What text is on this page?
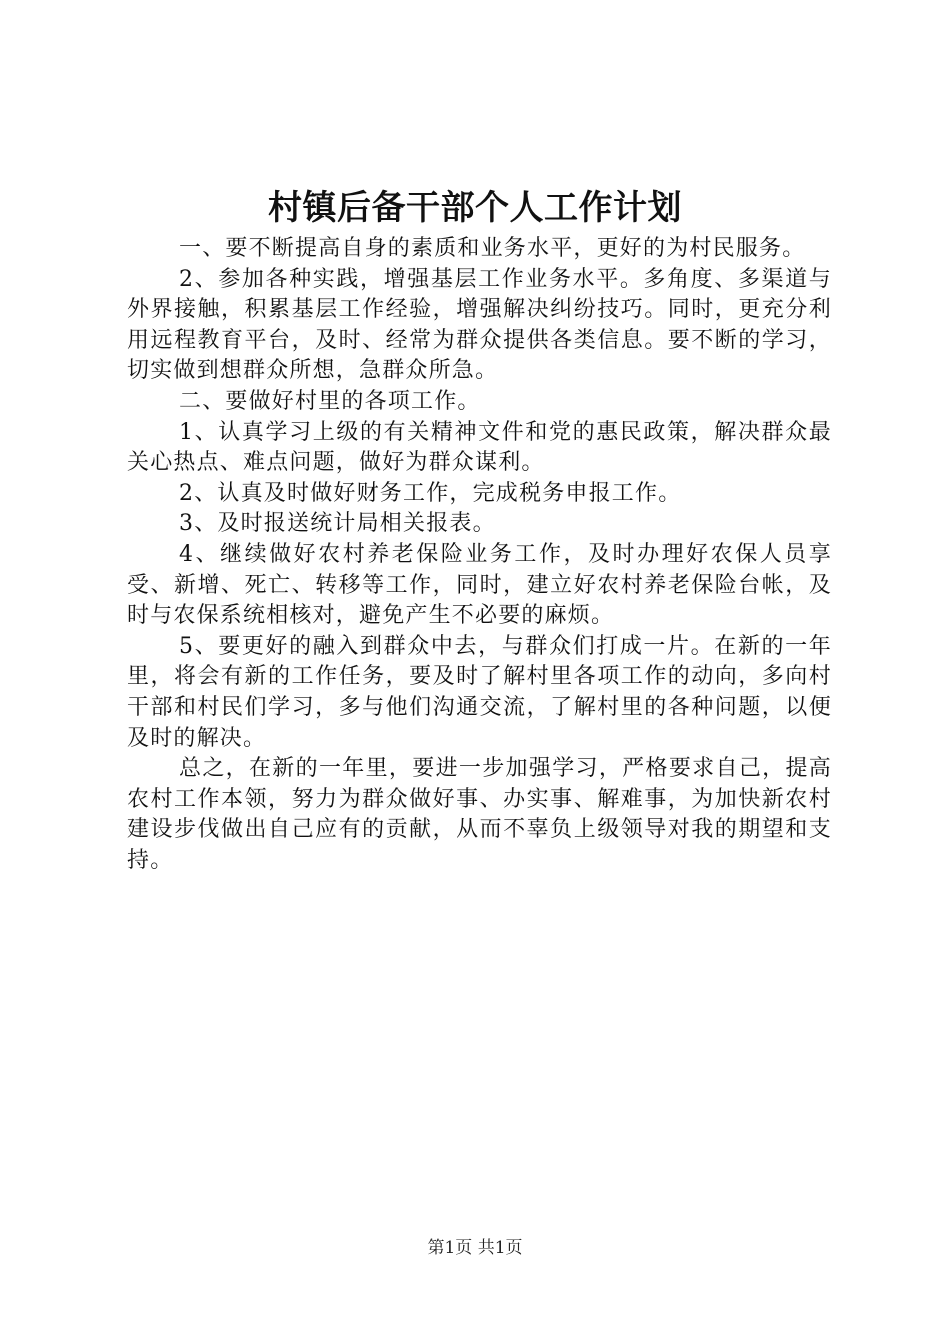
村镇后备干部个人工作计划

一、要不断提高自身的素质和业务水平，更好的为村民服务。

2、参加各种实践，增强基层工作业务水平。多角度、多渠道与外界接触，积累基层工作经验，增强解决纠纷技巧。同时，更充分利用远程教育平台，及时、经常为群众提供各类信息。要不断的学习，切实做到想群众所想，急群众所急。

二、要做好村里的各项工作。

1、认真学习上级的有关精神文件和党的惠民政策，解决群众最关心热点、难点问题，做好为群众谋利。

2、认真及时做好财务工作，完成税务申报工作。

3、及时报送统计局相关报表。

4、继续做好农村养老保险业务工作，及时办理好农保人员享受、新增、死亡、转移等工作，同时，建立好农村养老保险台帐，及时与农保系统相核对，避免产生不必要的麻烦。

5、要更好的融入到群众中去，与群众们打成一片。在新的一年里，将会有新的工作任务，要及时了解村里各项工作的动向，多向村干部和村民们学习，多与他们沟通交流，了解村里的各种问题，以便及时的解决。

总之，在新的一年里，要进一步加强学习，严格要求自己，提高农村工作本领，努力为群众做好事、办实事、解难事，为加快新农村建设步伐做出自己应有的贡献，从而不辜负上级领导对我的期望和支持。

第1页 共1页
